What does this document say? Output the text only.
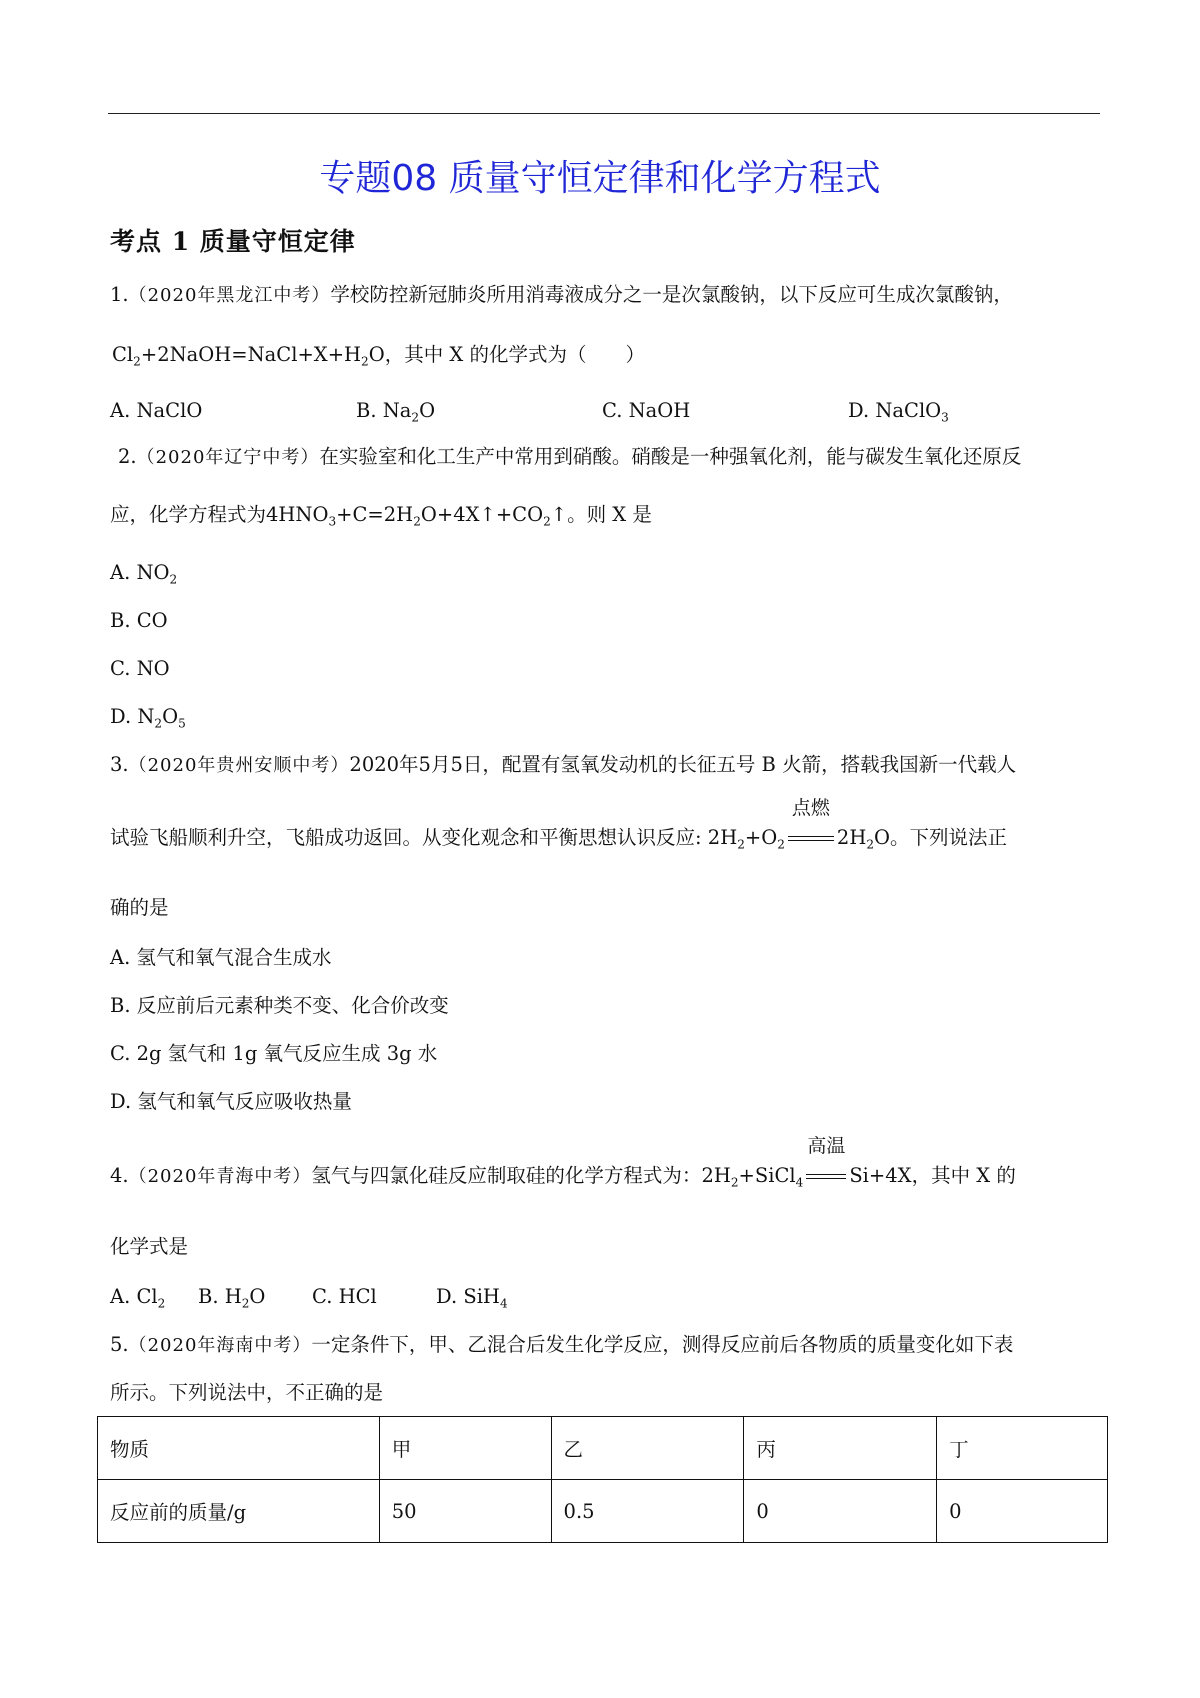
专题08 质量守恒定律和化学方程式
考点 1 质量守恒定律
1.（2020年黑龙江中考）学校防控新冠肺炎所用消毒液成分之一是次氯酸钠，以下反应可生成次氯酸钠，
$Cl_2+2NaOH=NaCl+X+H_2O$，其中 X 的化学式为（　　）
A. NaClO	B. $Na_2O$	C. NaOH	D. NaClO$_3$
2.（2020年辽宁中考）在实验室和化工生产中常用到硝酸。硝酸是一种强氧化剂，能与碳发生氧化还原反
应，化学方程式为$4HNO_3+C=2H_2O+4X↑+CO_2↑$。则 X 是
A. $NO_2$
B. CO
C. NO
D. $N_2O_5$
3.（2020年贵州安顺中考）2020年5月5日，配置有氢氧发动机的长征五号 B 火箭，搭载我国新一代载人
试验飞船顺利升空，飞船成功返回。从变化观念和平衡思想认识反应: $2H_2+O_2$
点燃
$2H_2O$。下列说法正
确的是
A. 氢气和氧气混合生成水
B. 反应前后元素种类不变、化合价改变
C. 2g 氢气和 1g 氧气反应生成 3g 水
D. 氢气和氧气反应吸收热量
4.（2020年青海中考）氢气与四氯化硅反应制取硅的化学方程式为：$2H_2+SiCl_4$
高温
Si+4X，其中 X 的
化学式是
A. $Cl_2$ B. $H_2O$ C. HCl	D. SiH$_4$
5.（2020年海南中考）一定条件下，甲、乙混合后发生化学反应，测得反应前后各物质的质量变化如下表
所示。下列说法中，不正确的是
物质	甲	乙	丙	丁
反应前的质量/g	50	0.5	0	0
